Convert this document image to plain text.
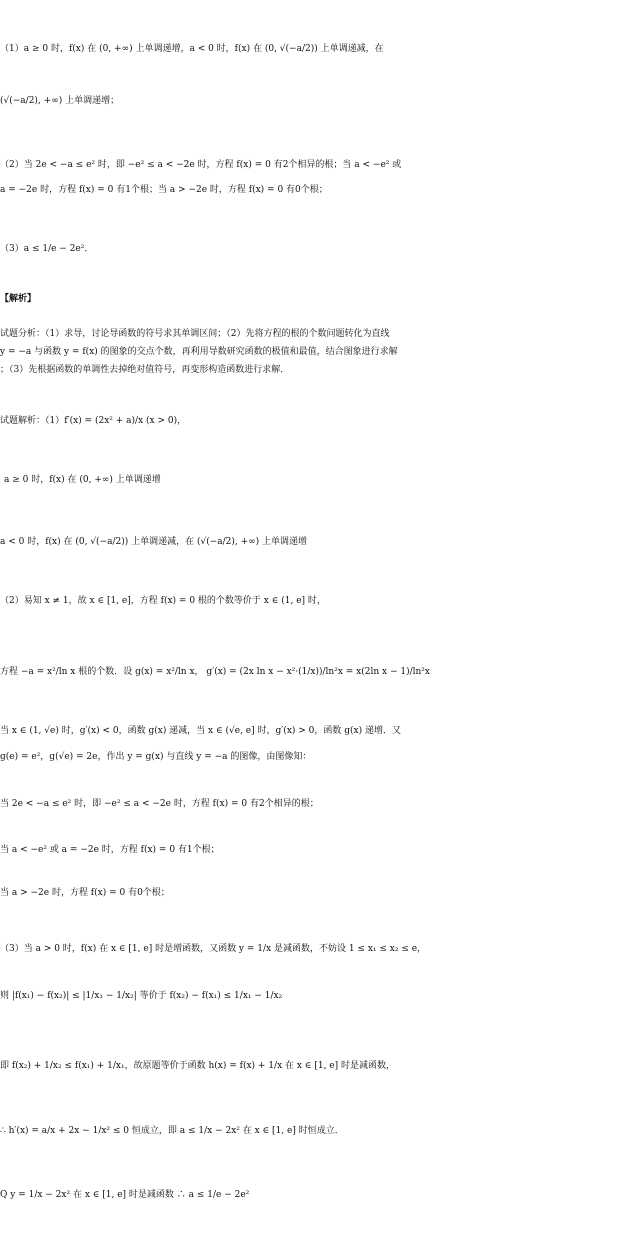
（1）a ≥ 0 时，f(x) 在 (0, +∞) 上单调递增，a < 0 时，f(x) 在 (0, √(−a/2)) 上单调递减，在
(√(−a/2), +∞) 上单调递增；
（2）当 2e < −a ≤ e² 时，即 −e² ≤ a < −2e 时，方程 f(x) = 0 有2个相异的根；当 a < −e² 或
a = −2e 时，方程 f(x) = 0 有1个根；当 a > −2e 时，方程 f(x) = 0 有0个根；
（3）a ≤ 1/e − 2e²．
【解析】
试题分析：（1）求导，讨论导函数的符号求其单调区间；（2）先将方程的根的个数问题转化为直线
y = −a 与函数 y = f(x) 的图象的交点个数，再利用导数研究函数的极值和最值，结合图象进行求解
；（3）先根据函数的单调性去掉绝对值符号，再变形构造函数进行求解．
试题解析：（1）f′(x) = (2x² + a)/x (x > 0)，
a ≥ 0 时，f(x) 在 (0, +∞) 上单调递增
a < 0 时，f(x) 在 (0, √(−a/2)) 上单调递减，在 (√(−a/2), +∞) 上单调递增
（2）易知 x ≠ 1，故 x ∈ [1, e]，方程 f(x) = 0 根的个数等价于 x ∈ (1, e] 时，
方程 −a = x²/ln x 根的个数．设 g(x) = x²/ln x， g′(x) = (2x ln x − x²·(1/x))/ln²x = x(2ln x − 1)/ln²x
当 x ∈ (1, √e) 时，g′(x) < 0，函数 g(x) 递减，当 x ∈ (√e, e] 时，g′(x) > 0，函数 g(x) 递增．又
g(e) = e²，g(√e) = 2e，作出 y = g(x) 与直线 y = −a 的图像，由图像知：
当 2e < −a ≤ e² 时，即 −e² ≤ a < −2e 时，方程 f(x) = 0 有2个相异的根；
当 a < −e² 或 a = −2e 时，方程 f(x) = 0 有1个根；
当 a > −2e 时，方程 f(x) = 0 有0个根；
（3）当 a > 0 时，f(x) 在 x ∈ [1, e] 时是增函数，又函数 y = 1/x 是减函数，不妨设 1 ≤ x₁ ≤ x₂ ≤ e，
则 |f(x₁) − f(x₂)| ≤ |1/x₁ − 1/x₂| 等价于 f(x₂) − f(x₁) ≤ 1/x₁ − 1/x₂
即 f(x₂) + 1/x₂ ≤ f(x₁) + 1/x₁，故原题等价于函数 h(x) = f(x) + 1/x 在 x ∈ [1, e] 时是减函数，
∴ h′(x) = a/x + 2x − 1/x² ≤ 0 恒成立，即 a ≤ 1/x − 2x² 在 x ∈ [1, e] 时恒成立．
Q y = 1/x − 2x² 在 x ∈ [1, e] 时是减函数 ∴ a ≤ 1/e − 2e²
